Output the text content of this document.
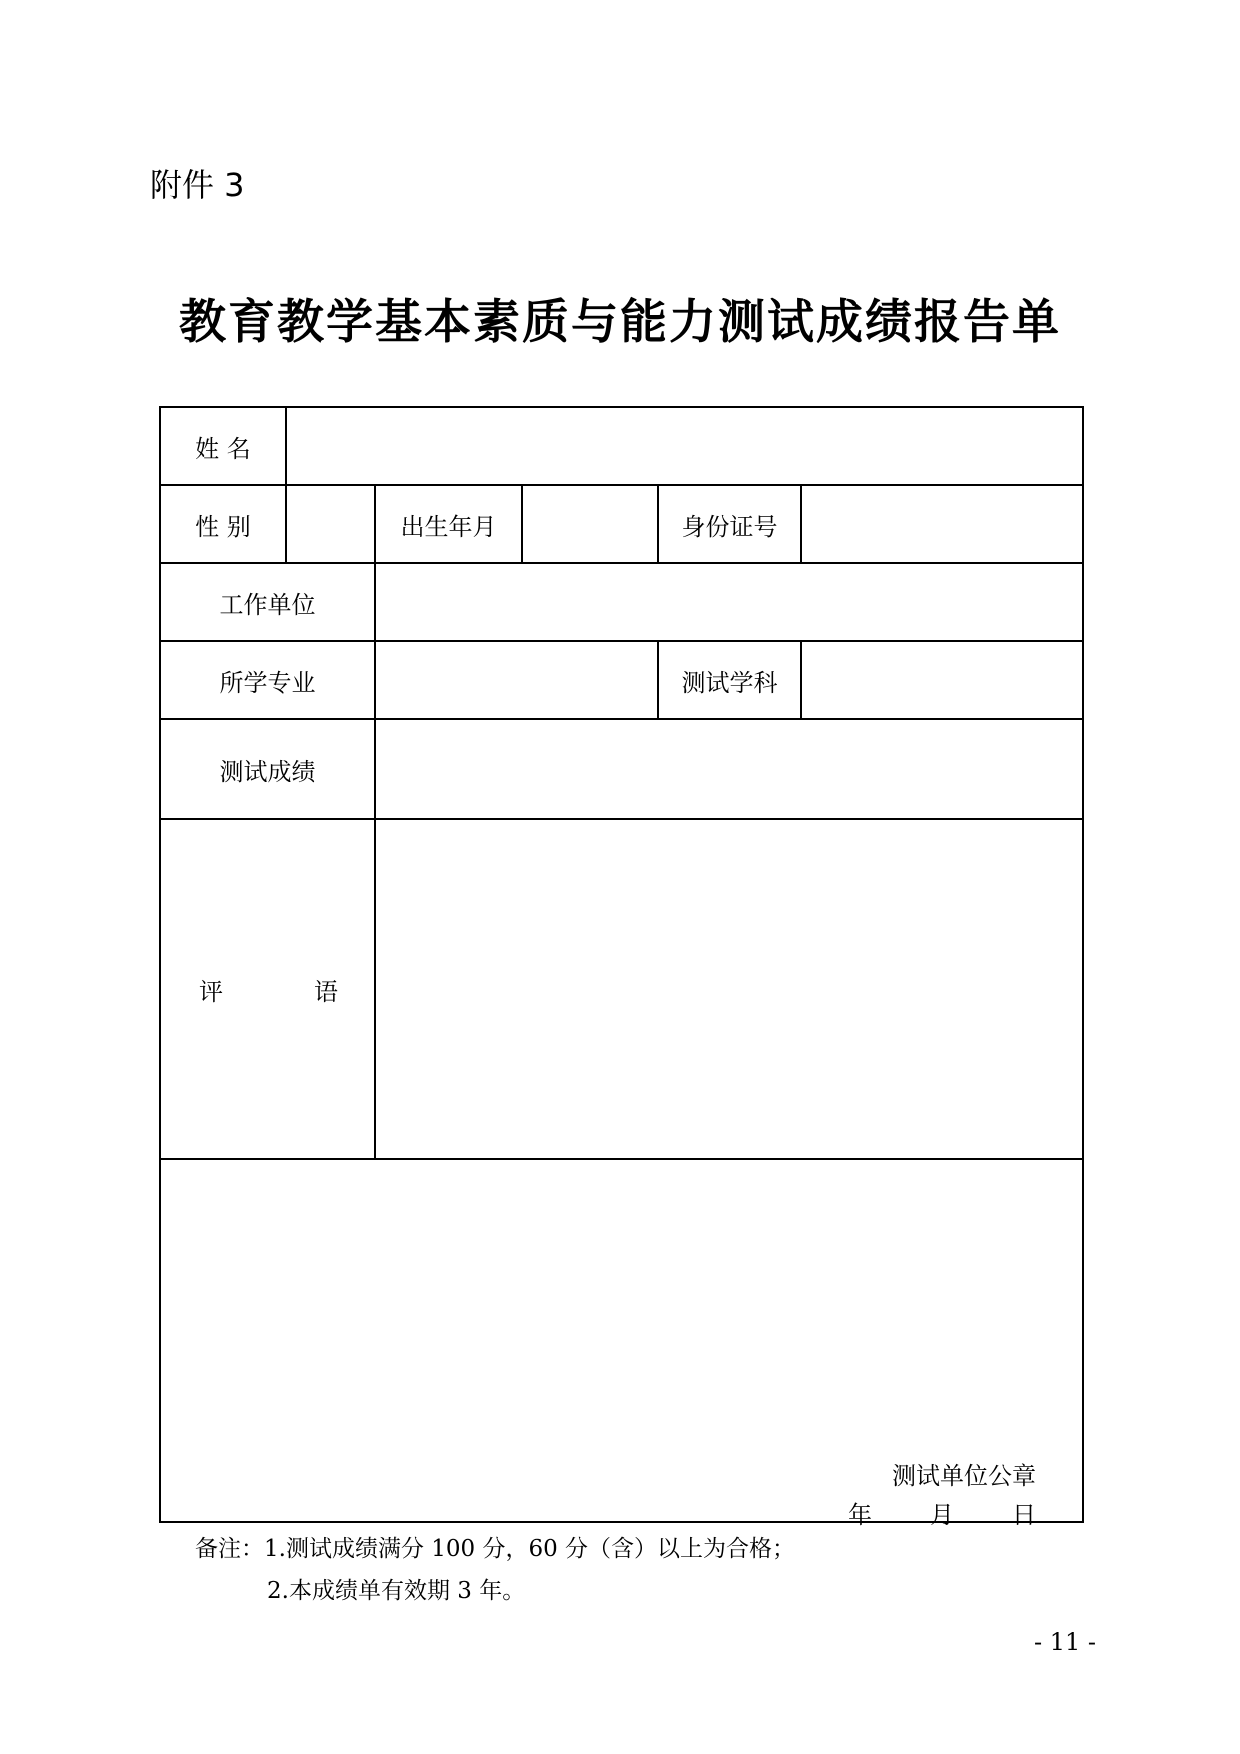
附件 3
教育教学基本素质与能力测试成绩报告单
姓 名
性 别	出生年月	身份证号
工作单位
所学专业	测试学科
测试成绩
评	语
测试单位公章
年 月 日
备注：1.测试成绩满分 100 分，60 分（含）以上为合格；
2.本成绩单有效期 3 年。
- 11 -
